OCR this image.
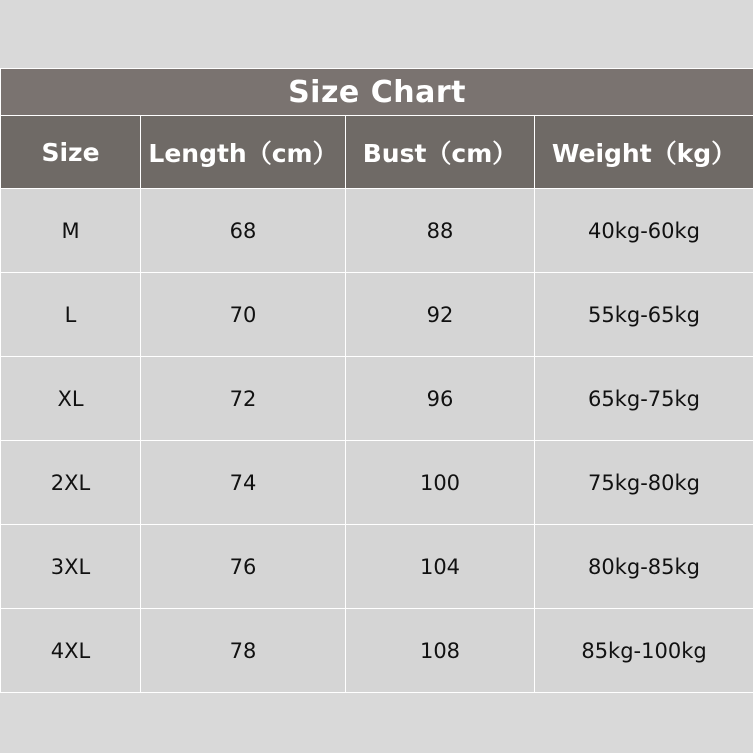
Size Chart			
Size	Length（cm）	Bust（cm）	Weight（kg）
M	68	88	40kg-60kg
L	70	92	55kg-65kg
XL	72	96	65kg-75kg
2XL	74	100	75kg-80kg
3XL	76	104	80kg-85kg
4XL	78	108	85kg-100kg
